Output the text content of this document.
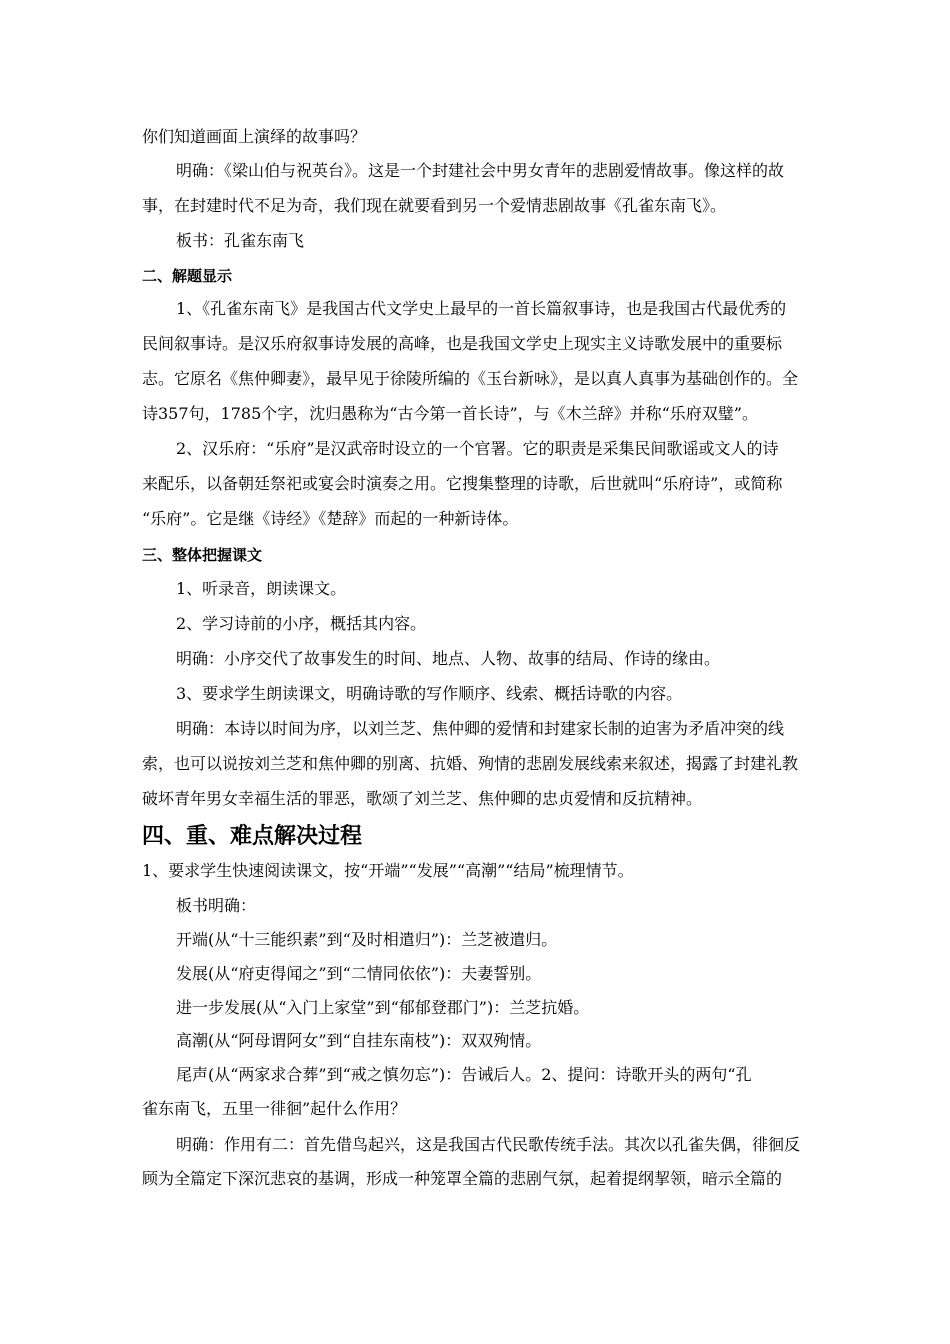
你们知道画面上演绎的故事吗？
明确：《梁山伯与祝英台》。这是一个封建社会中男女青年的悲剧爱情故事。像这样的故
事，在封建时代不足为奇，我们现在就要看到另一个爱情悲剧故事《孔雀东南飞》。
板书：孔雀东南飞
二、解题显示
1、《孔雀东南飞》是我国古代文学史上最早的一首长篇叙事诗，也是我国古代最优秀的
民间叙事诗。是汉乐府叙事诗发展的高峰，也是我国文学史上现实主义诗歌发展中的重要标
志。它原名《焦仲卿妻》，最早见于徐陵所编的《玉台新咏》，是以真人真事为基础创作的。全
诗357句，1785个字，沈归愚称为“古今第一首长诗”，与《木兰辞》并称“乐府双璧”。
2、汉乐府：“乐府”是汉武帝时设立的一个官署。它的职责是采集民间歌谣或文人的诗
来配乐，以备朝廷祭祀或宴会时演奏之用。它搜集整理的诗歌，后世就叫“乐府诗”，或简称
“乐府”。它是继《诗经》《楚辞》而起的一种新诗体。
三、整体把握课文
1、听录音，朗读课文。
2、学习诗前的小序，概括其内容。
明确：小序交代了故事发生的时间、地点、人物、故事的结局、作诗的缘由。
3、要求学生朗读课文，明确诗歌的写作顺序、线索、概括诗歌的内容。
明确：本诗以时间为序，以刘兰芝、焦仲卿的爱情和封建家长制的迫害为矛盾冲突的线
索，也可以说按刘兰芝和焦仲卿的别离、抗婚、殉情的悲剧发展线索来叙述，揭露了封建礼教
破坏青年男女幸福生活的罪恶，歌颂了刘兰芝、焦仲卿的忠贞爱情和反抗精神。
四、重、难点解决过程
1、要求学生快速阅读课文，按“开端”“发展”“高潮”“结局”梳理情节。
板书明确：
开端(从“十三能织素”到“及时相遣归”)：兰芝被遣归。
发展(从“府吏得闻之”到“二情同依依”)：夫妻誓别。
进一步发展(从“入门上家堂”到“郁郁登郡门”)：兰芝抗婚。
高潮(从“阿母谓阿女”到“自挂东南枝”)：双双殉情。
尾声(从“两家求合葬”到“戒之慎勿忘”)：告诫后人。2、提问：诗歌开头的两句“孔
雀东南飞，五里一徘徊”起什么作用？
明确：作用有二：首先借鸟起兴，这是我国古代民歌传统手法。其次以孔雀失偶，徘徊反
顾为全篇定下深沉悲哀的基调，形成一种笼罩全篇的悲剧气氛，起着提纲挈领，暗示全篇的
